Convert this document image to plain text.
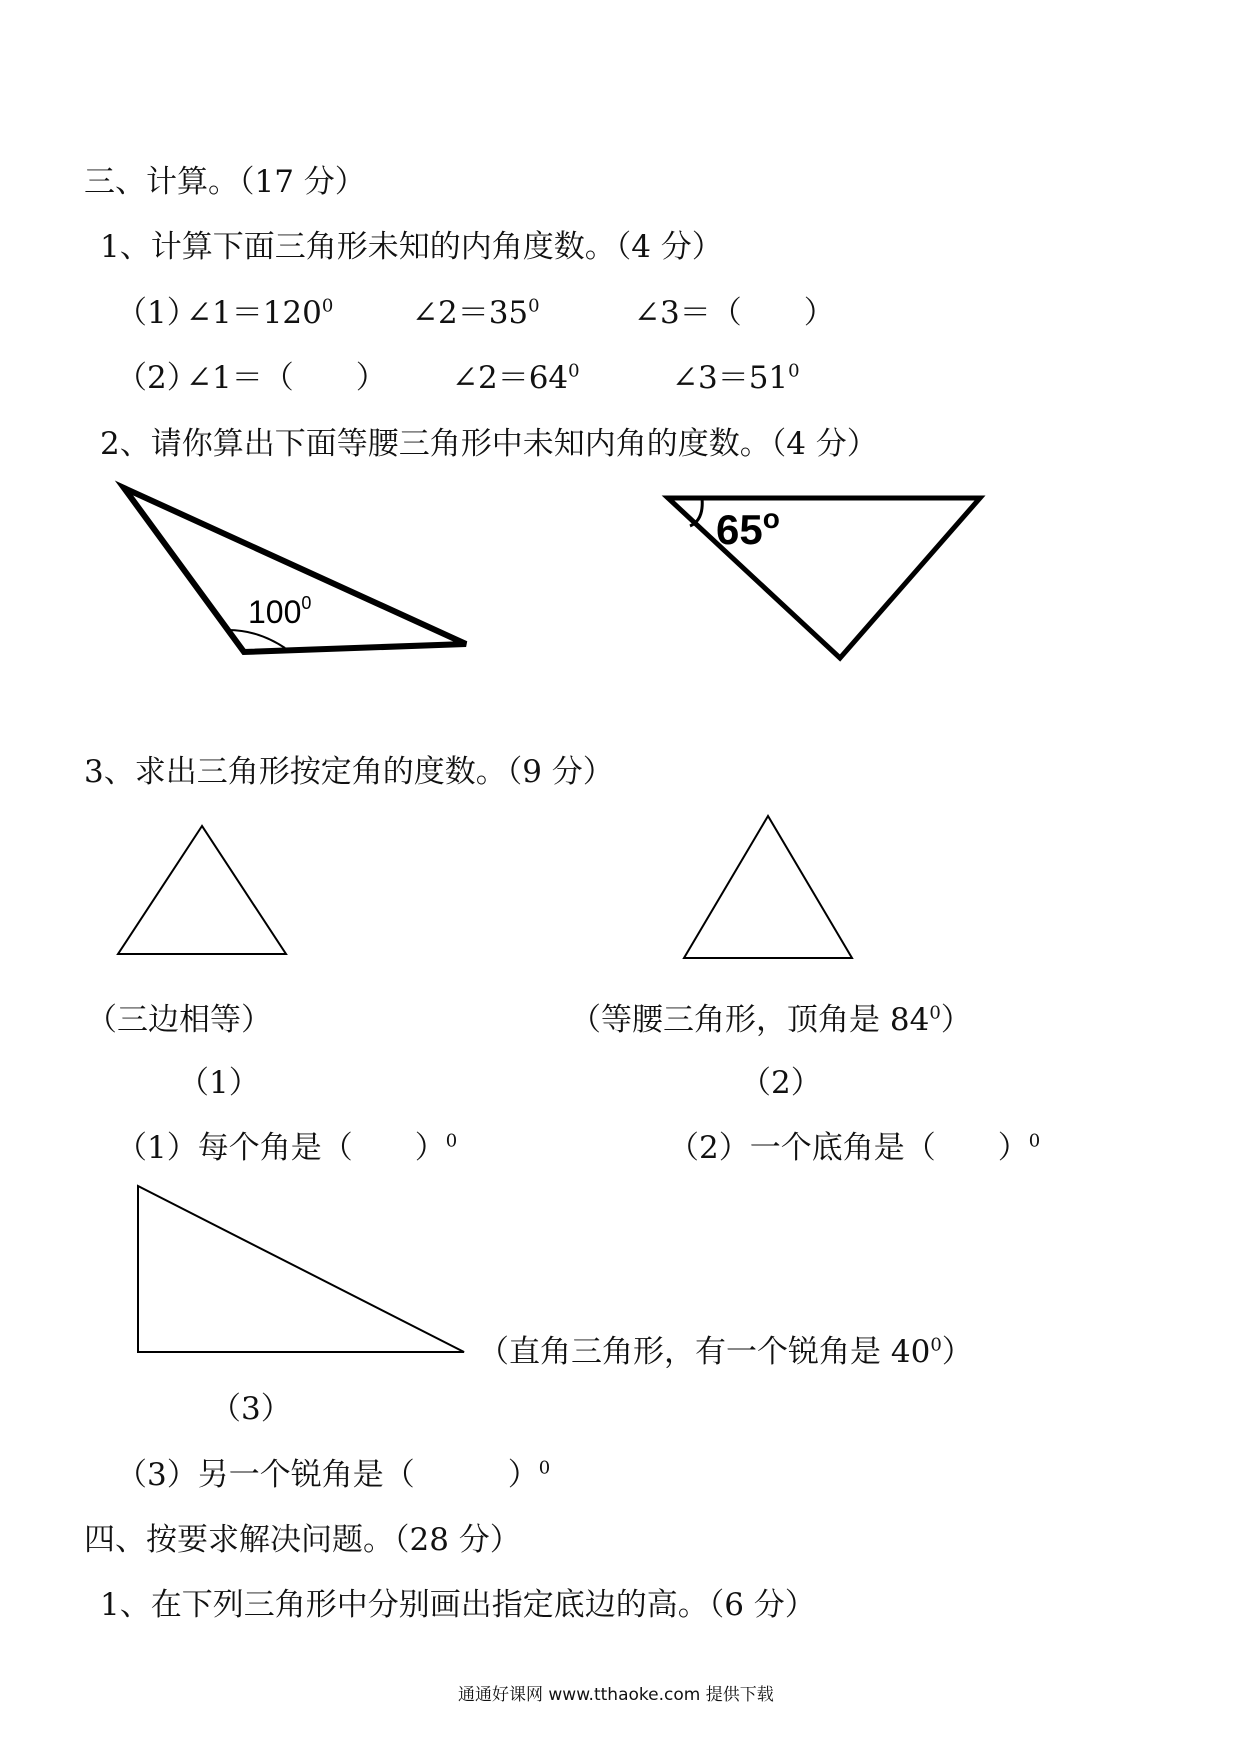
三、计算。（17 分）
1、计算下面三角形未知的内角度数。（4 分）
（1）
$\angle 1=120^0$	$\angle 2=35^0$	∠3＝（　　）
（2）
∠1＝（　　） $\angle 2=64^0$	$\angle 3=51^0$
2、请你算出下面等腰三角形中未知内角的度数。（4 分）
$100^0$
65$^o$
3、求出三角形按定角的度数。（9 分）
（三边相等）	（等腰三角形，顶角是 $84^0$）
（1）	（2）
（1）每个角是（　　）$^0$	（2）一个底角是（　　）$^0$
（直角三角形，有一个锐角是 $40^0$）
（3）
（3）另一个锐角是（　　　）$^0$
四、按要求解决问题。（28 分）
1、在下列三角形中分别画出指定底边的高。（6 分）
通通好课网 www.tthaoke.com 提供下载
